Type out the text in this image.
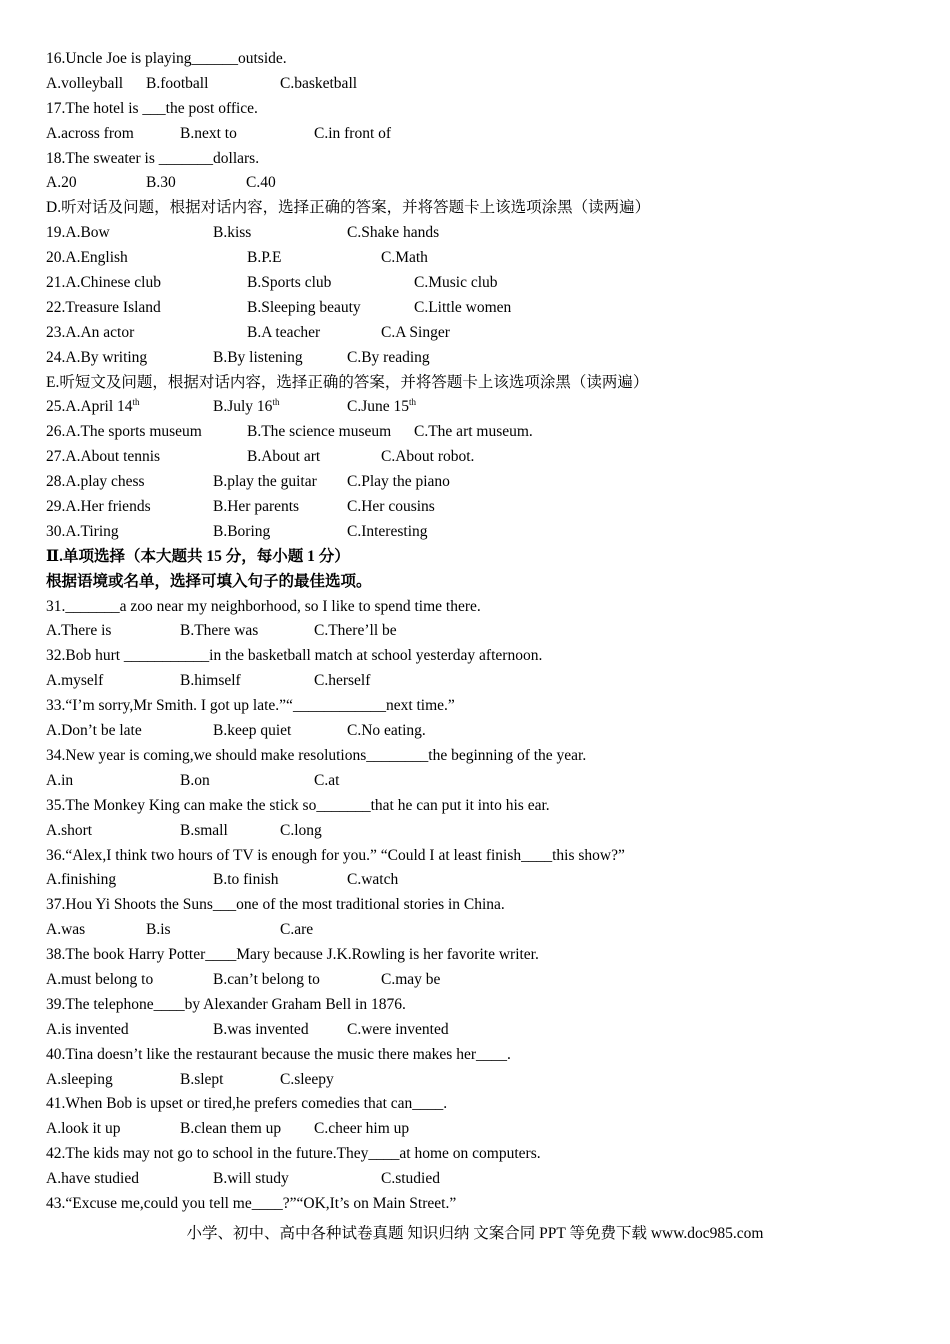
16.Uncle Joe is playing______outside.
A.volleyball B.football	C.basketball
17.The hotel is ___the post office.
A.across from	B.next to	C.in front of
18.The sweater is _______dollars.
A.20	B.30	C.40
D.听对话及问题，根据对话内容，选择正确的答案，并将答题卡上该选项涂黑（读两遍）
19.A.Bow	B.kiss	C.Shake hands
20.A.English	B.P.E	C.Math
21.A.Chinese club	B.Sports club	C.Music club
22.Treasure Island	B.Sleeping beauty	C.Little women
23.A.An actor	B.A teacher	C.A Singer
24.A.By writing	B.By listening	C.By reading
E.听短文及问题，根据对话内容，选择正确的答案，并将答题卡上该选项涂黑（读两遍）
25.A.April 14th	B.July 16th	C.June 15th
26.A.The sports museum	B.The science museum C.The art museum.
27.A.About tennis	B.About art	C.About robot.
28.A.play chess	B.play the guitar C.Play the piano
29.A.Her friends	B.Her parents	C.Her cousins
30.A.Tiring	B.Boring	C.Interesting
Ⅱ.单项选择（本大题共 15 分，每小题 1 分）
根据语境或名单，选择可填入句子的最佳选项。
31._______a zoo near my neighborhood, so I like to spend time there.
A.There is	B.There was	C.There’ll be
32.Bob hurt ___________in the basketball match at school yesterday afternoon.
A.myself	B.himself	C.herself
33.“I’m sorry,Mr Smith. I got up late.”“____________next time.”
A.Don’t be late	B.keep quiet	C.No eating.
34.New year is coming,we should make resolutions________the beginning of the year.
A.in	B.on	C.at
35.The Monkey King can make the stick so_______that he can put it into his ear.
A.short	B.small	C.long
36.“Alex,I think two hours of TV is enough for you.” “Could I at least finish____this show?”
A.finishing	B.to finish	C.watch
37.Hou Yi Shoots the Suns___one of the most traditional stories in China.
A.was	B.is	C.are
38.The book Harry Potter____Mary because J.K.Rowling is her favorite writer.
A.must belong to	B.can’t belong to	C.may be
39.The telephone____by Alexander Graham Bell in 1876.
A.is invented	B.was invented C.were invented
40.Tina doesn’t like the restaurant because the music there makes her____.
A.sleeping	B.slept	C.sleepy
41.When Bob is upset or tired,he prefers comedies that can____.
A.look it up	B.clean them up C.cheer him up
42.The kids may not go to school in the future.They____at home on computers.
A.have studied	B.will study	C.studied
43.“Excuse me,could you tell me____?”“OK,It’s on Main Street.”
小学、初中、高中各种试卷真题 知识归纳 文案合同 PPT 等免费下载 www.doc985.com
